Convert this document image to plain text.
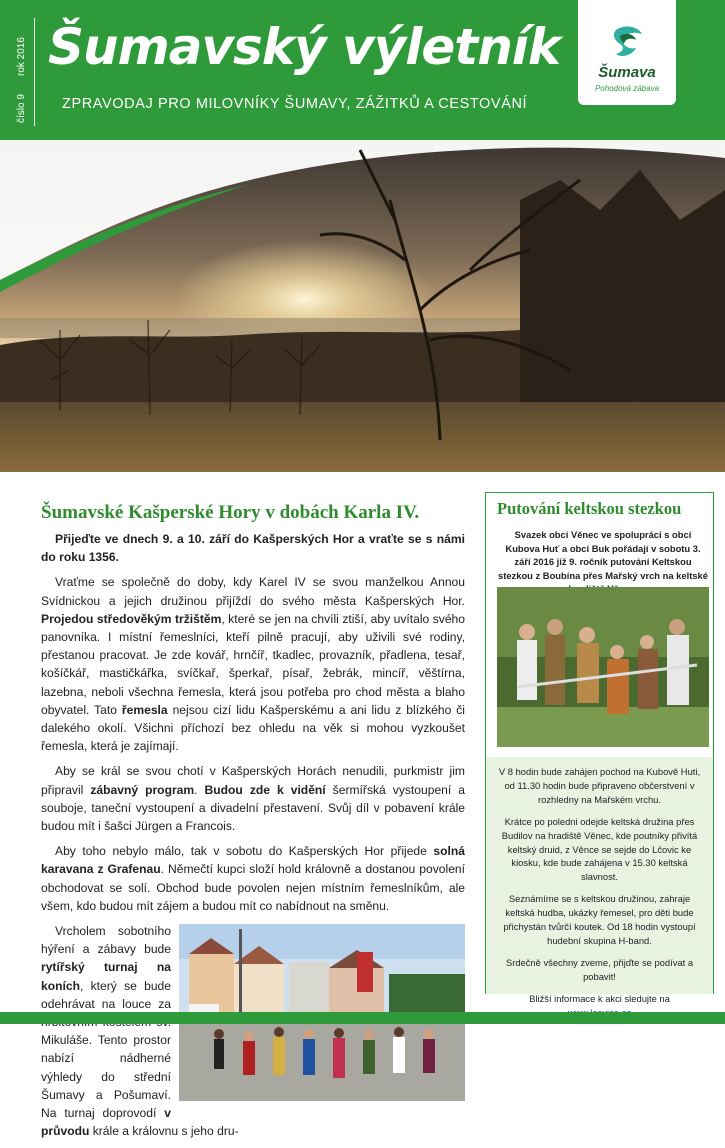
číslo 9
rok 2016 Šumavský výletník
ZPRAVODAJ PRO MILOVNÍKY ŠUMAVY, ZÁŽITKŮ A CESTOVÁNÍ
Šumava
Pohodová zábava
Šumavské Kašperské Hory v dobách Karla IV.

Přijeďte ve dnech 9. a 10. září do Kašperských Hor a vraťte se s námi do roku 1356.

Vraťme se společně do doby, kdy Karel IV se svou manželkou Annou Svídnickou a jejich družinou přijíždí do svého města Kašperských Hor. Projedou středověkým tržištěm, které se jen na chvíli ztiší, aby uvítalo svého panovníka. I místní řemeslníci, kteří pilně pracují, aby uživili své rodiny, přestanou pracovat. Je zde kovář, hrnčíř, tkadlec, provazník, přadlena, tesař, košíčkář, mastičkářka, svíčkař, šperkař, písař, žebrák, mincíř, věštírna, lazebna, neboli všechna řemesla, která jsou potřeba pro chod města a blaho obyvatel. Tato řemesla nejsou cizí lidu Kašperskému a ani lidu z blízkého či dalekého okolí. Všichni příchozí bez ohledu na věk si mohou vyzkoušet řemesla, která je zajímají.

Aby se král se svou chotí v Kašperských Horách nenudili, purkmistr jim připravil zábavný program. Budou zde k vidění šermířská vystoupení a souboje, taneční vystoupení a divadelní přestavení. Svůj díl v pobavení krále budou mít i šašci Jürgen a Francois.

Aby toho nebylo málo, tak v sobotu do Kašperských Hor přijede solná karavana z Grafenau. Němečtí kupci složí hold královně a dostanou povolení obchodovat se solí. Obchod bude povolen nejen místním řemeslníkům, ale všem, kdo budou mít zájem a budou mít co nabídnout na směnu.

Vrcholem sobotního hýření a zábavy bude rytířský turnaj na koních, který se bude odehrávat na louce za Mikuláše. Tento prostor nabízí nádherné výhledy do střední Šumavy a Pošumaví. Na turnaj doprovodí v průvodu krále a královnu s jeho dru-

Putování keltskou stezkou
Svazek obcí Věnec ve spolupráci s obcí Kubova Huť a obcí Buk pořádají v sobotu 3. září 2016 již 9. ročník putování Keltskou stezkou z Boubína přes Mařský vrch na keltské

V 8 hodin bude zahájen pochod na Kubově Huti, od 11.30 hodin bude připraveno občerstvení v rozhledny na Mařském vrchu.

Krátce po poledni odejde keltská družina přes Budilov na hradiště Věnec, kde poutníky přivítá keltský druid, z Věnce se sejde do Lčovic ke kiosku, kde bude zahájena v 15.30 keltská slavnost.

Seznámíme se s keltskou družinou, zahraje keltská hudba, ukázky řemesel, pro děti bude přichystán tvůrčí koutek. Od 18 hodin vystoupí hudební skupina H-band.

Srdečně všechny zveme, přijďte se podívat a pobavit!

Bližší informace k akci sledujte na
